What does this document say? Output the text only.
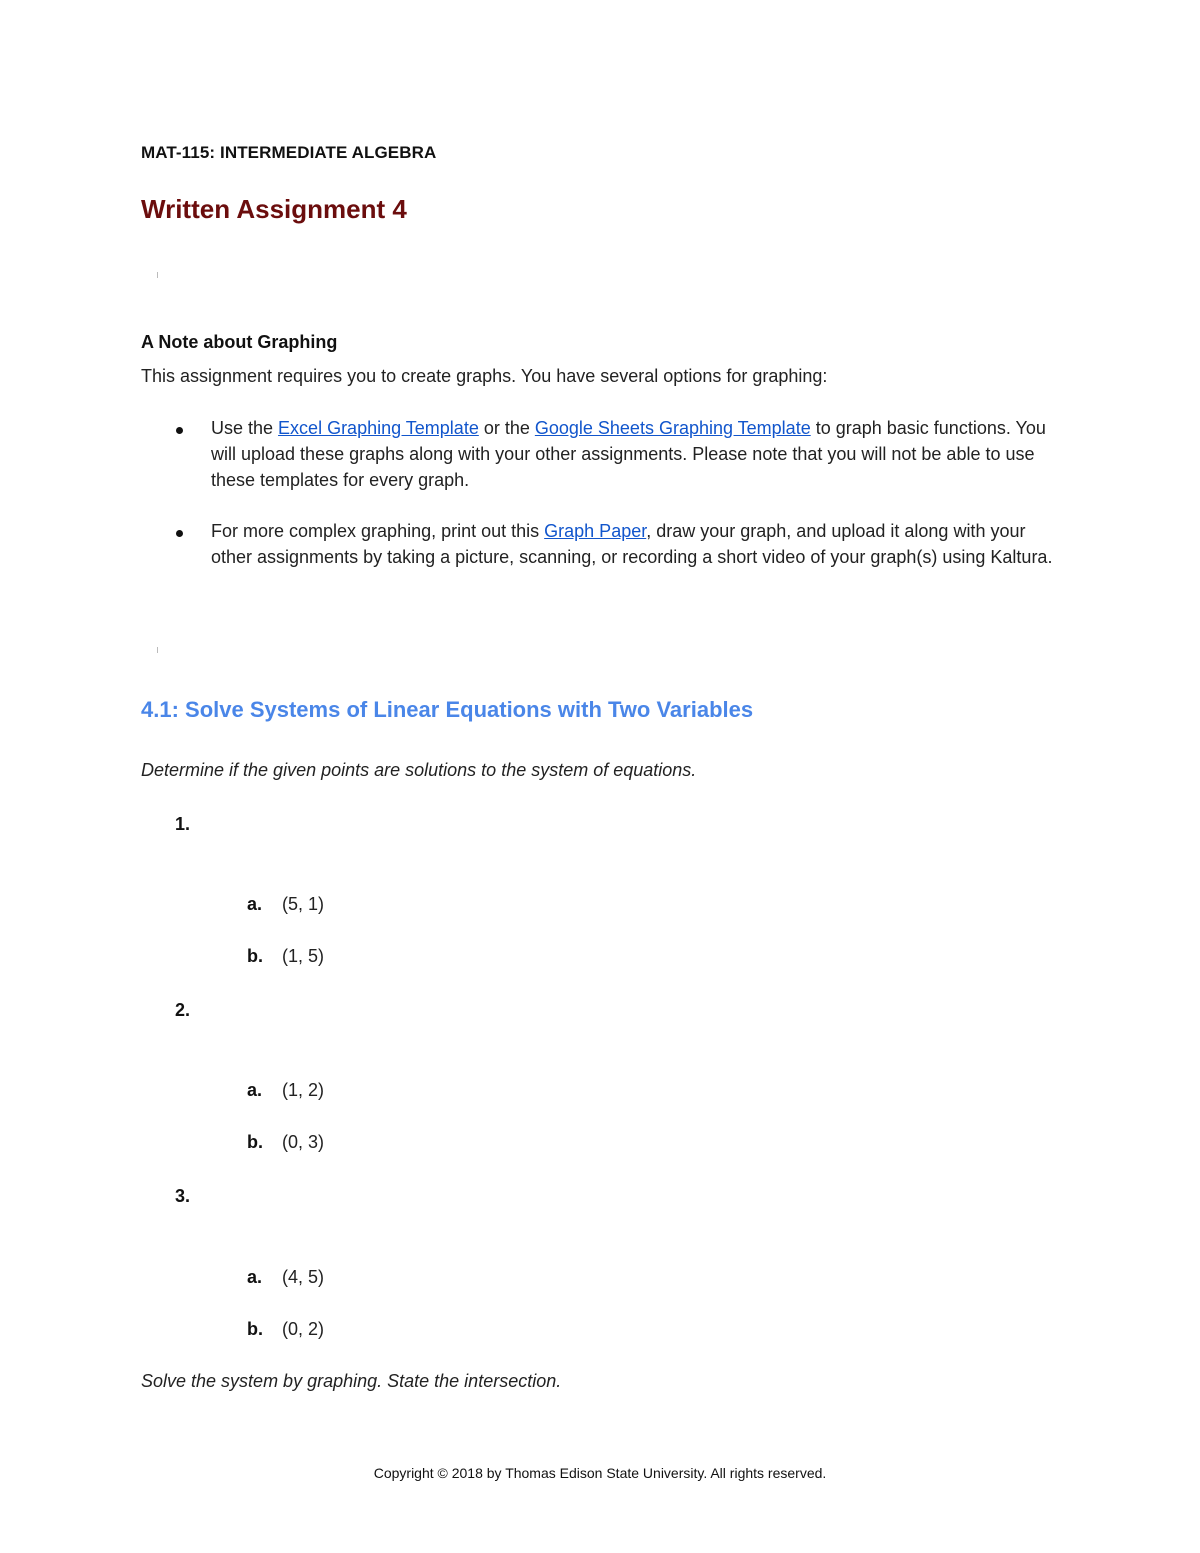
MAT-115: INTERMEDIATE ALGEBRA
Written Assignment 4
A Note about Graphing
This assignment requires you to create graphs. You have several options for graphing:
Use the Excel Graphing Template or the Google Sheets Graphing Template to graph basic functions. You will upload these graphs along with your other assignments. Please note that you will not be able to use these templates for every graph.
For more complex graphing, print out this Graph Paper, draw your graph, and upload it along with your other assignments by taking a picture, scanning, or recording a short video of your graph(s) using Kaltura.
4.1: Solve Systems of Linear Equations with Two Variables
Determine if the given points are solutions to the system of equations.
1.
a. (5, 1)
b. (1, 5)
2.
a. (1, 2)
b. (0, 3)
3.
a. (4, 5)
b. (0, 2)
Solve the system by graphing. State the intersection.
Copyright © 2018 by Thomas Edison State University. All rights reserved.
